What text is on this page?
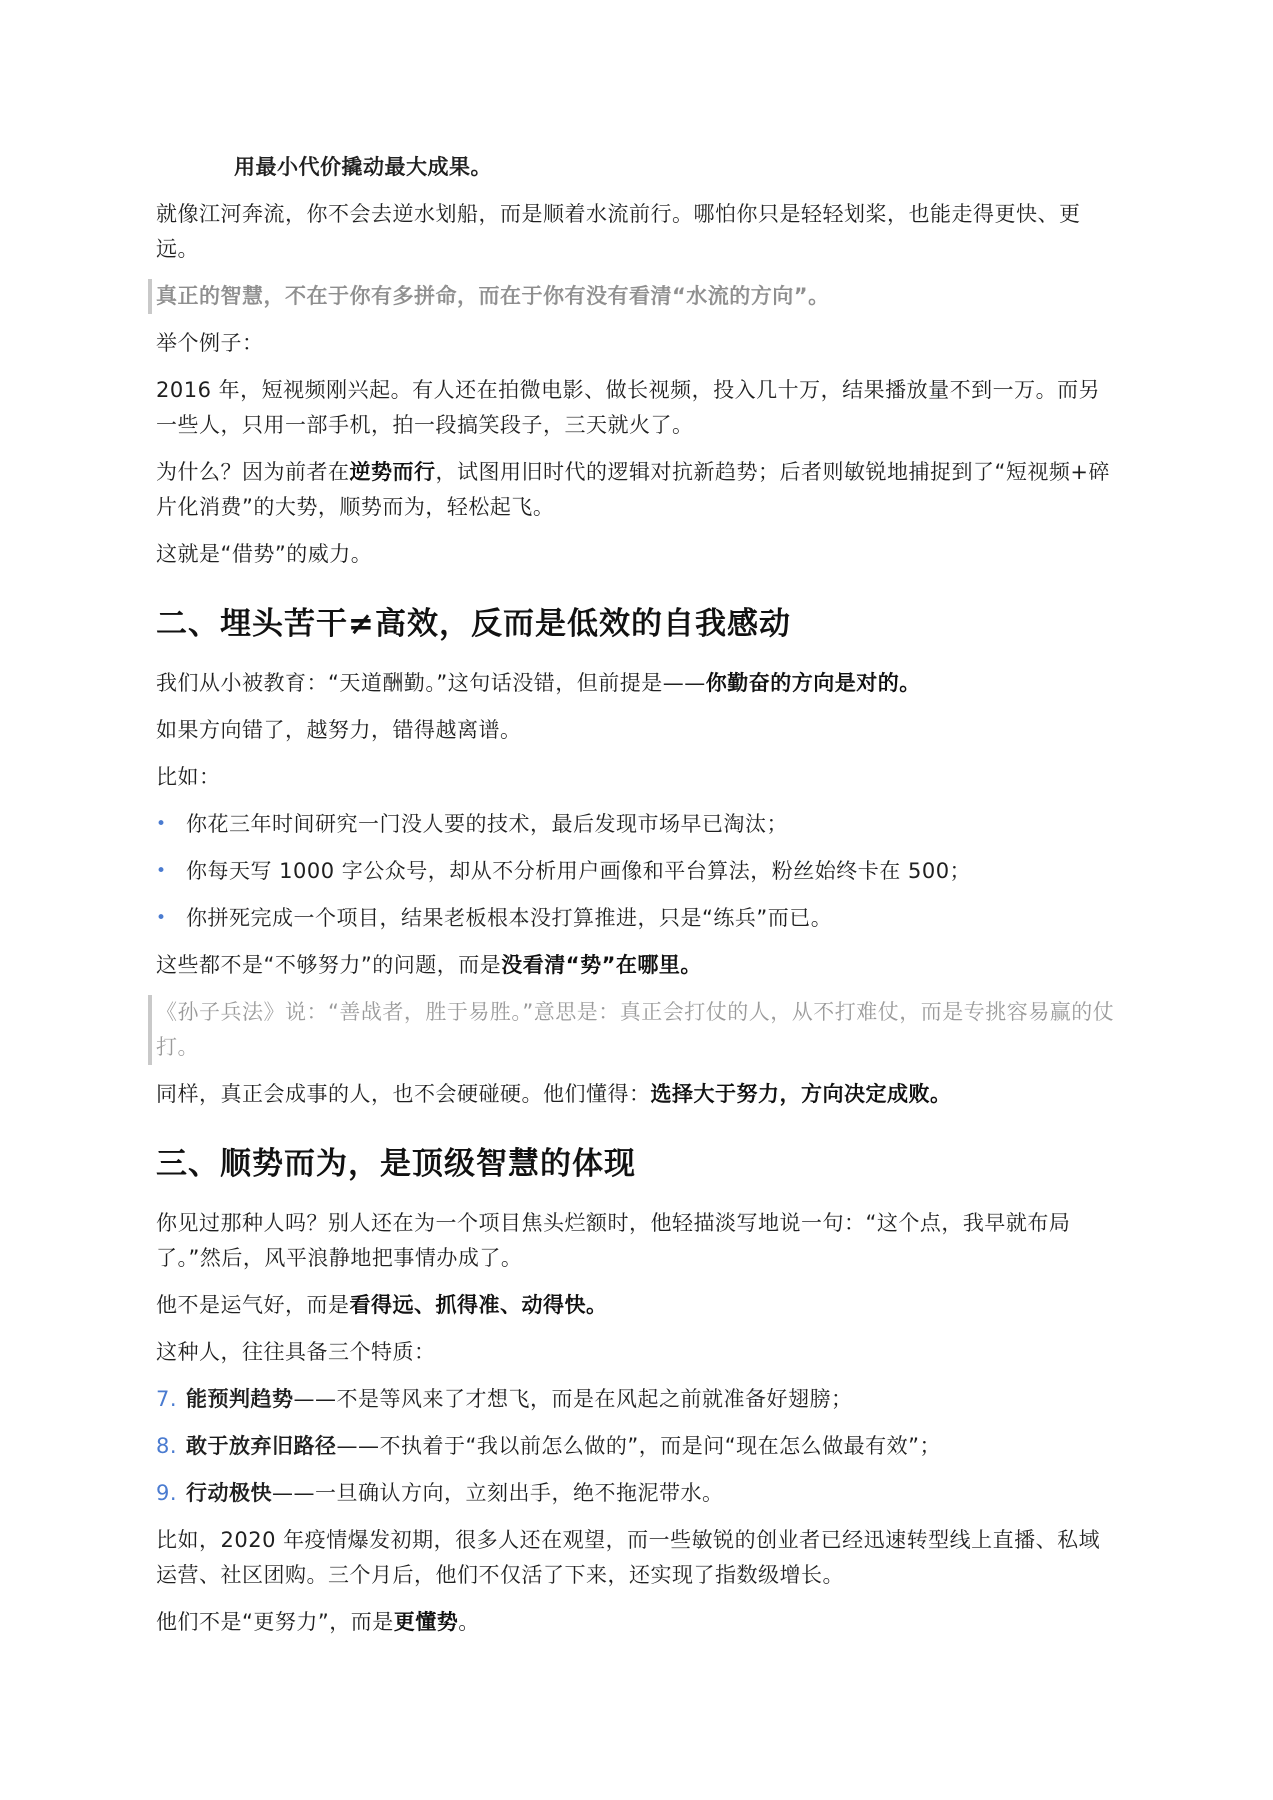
用最小代价撬动最大成果。

就像江河奔流，你不会去逆水划船，而是顺着水流前行。哪怕你只是轻轻划桨，也能走得更快、更远。

真正的智慧，不在于你有多拼命，而在于你有没有看清“水流的方向”。

举个例子：

2016 年，短视频刚兴起。有人还在拍微电影、做长视频，投入几十万，结果播放量不到一万。而另一些人，只用一部手机，拍一段搞笑段子，三天就火了。

为什么？因为前者在逆势而行，试图用旧时代的逻辑对抗新趋势；后者则敏锐地捕捉到了“短视频+碎片化消费”的大势，顺势而为，轻松起飞。

这就是“借势”的威力。

二、埋头苦干≠高效，反而是低效的自我感动

我们从小被教育：“天道酬勤。”这句话没错，但前提是——你勤奋的方向是对的。

如果方向错了，越努力，错得越离谱。

比如：

• 你花三年时间研究一门没人要的技术，最后发现市场早已淘汰；
• 你每天写 1000 字公众号，却从不分析用户画像和平台算法，粉丝始终卡在 500；
• 你拼死完成一个项目，结果老板根本没打算推进，只是“练兵”而已。

这些都不是“不够努力”的问题，而是没看清“势”在哪里。

《孙子兵法》说：“善战者，胜于易胜。”意思是：真正会打仗的人，从不打难仗，而是专挑容易赢的仗打。

同样，真正会成事的人，也不会硬碰硬。他们懂得：选择大于努力，方向决定成败。

三、顺势而为，是顶级智慧的体现

你见过那种人吗？别人还在为一个项目焦头烂额时，他轻描淡写地说一句：“这个点，我早就布局了。”然后，风平浪静地把事情办成了。

他不是运气好，而是看得远、抓得准、动得快。

这种人，往往具备三个特质：

7. 能预判趋势——不是等风来了才想飞，而是在风起之前就准备好翅膀；
8. 敢于放弃旧路径——不执着于“我以前怎么做的”，而是问“现在怎么做最有效”；
9. 行动极快——一旦确认方向，立刻出手，绝不拖泥带水。

比如，2020 年疫情爆发初期，很多人还在观望，而一些敏锐的创业者已经迅速转型线上直播、私域运营、社区团购。三个月后，他们不仅活了下来，还实现了指数级增长。

他们不是“更努力”，而是更懂势。
